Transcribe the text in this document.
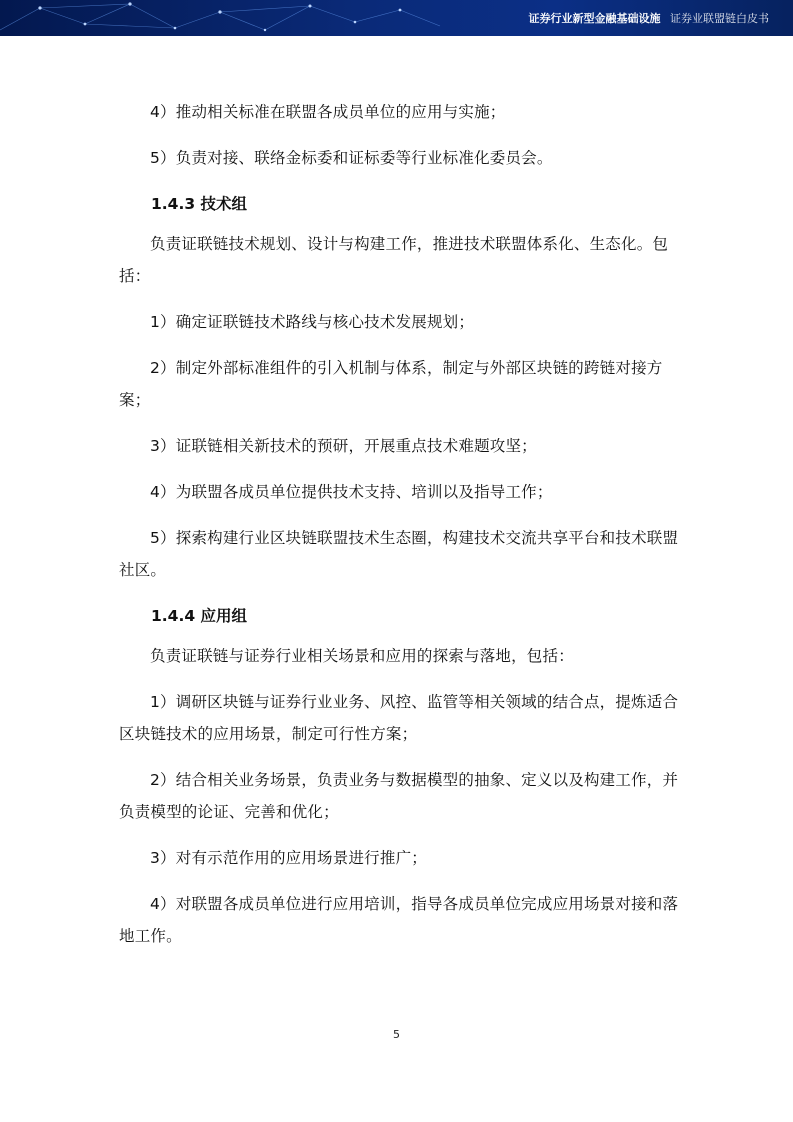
证券行业新型金融基础设施 证券业联盟链白皮书

4）推动相关标准在联盟各成员单位的应用与实施；

5）负责对接、联络金标委和证标委等行业标准化委员会。

1.4.3 技术组

负责证联链技术规划、设计与构建工作，推进技术联盟体系化、生态化。包括：

1）确定证联链技术路线与核心技术发展规划；

2）制定外部标准组件的引入机制与体系，制定与外部区块链的跨链对接方案；

3）证联链相关新技术的预研，开展重点技术难题攻坚；

4）为联盟各成员单位提供技术支持、培训以及指导工作；

5）探索构建行业区块链联盟技术生态圈，构建技术交流共享平台和技术联盟社区。

1.4.4 应用组

负责证联链与证券行业相关场景和应用的探索与落地，包括：

1）调研区块链与证券行业业务、风控、监管等相关领域的结合点，提炼适合区块链技术的应用场景，制定可行性方案；

2）结合相关业务场景，负责业务与数据模型的抽象、定义以及构建工作，并负责模型的论证、完善和优化；

3）对有示范作用的应用场景进行推广；

4）对联盟各成员单位进行应用培训，指导各成员单位完成应用场景对接和落地工作。

5
